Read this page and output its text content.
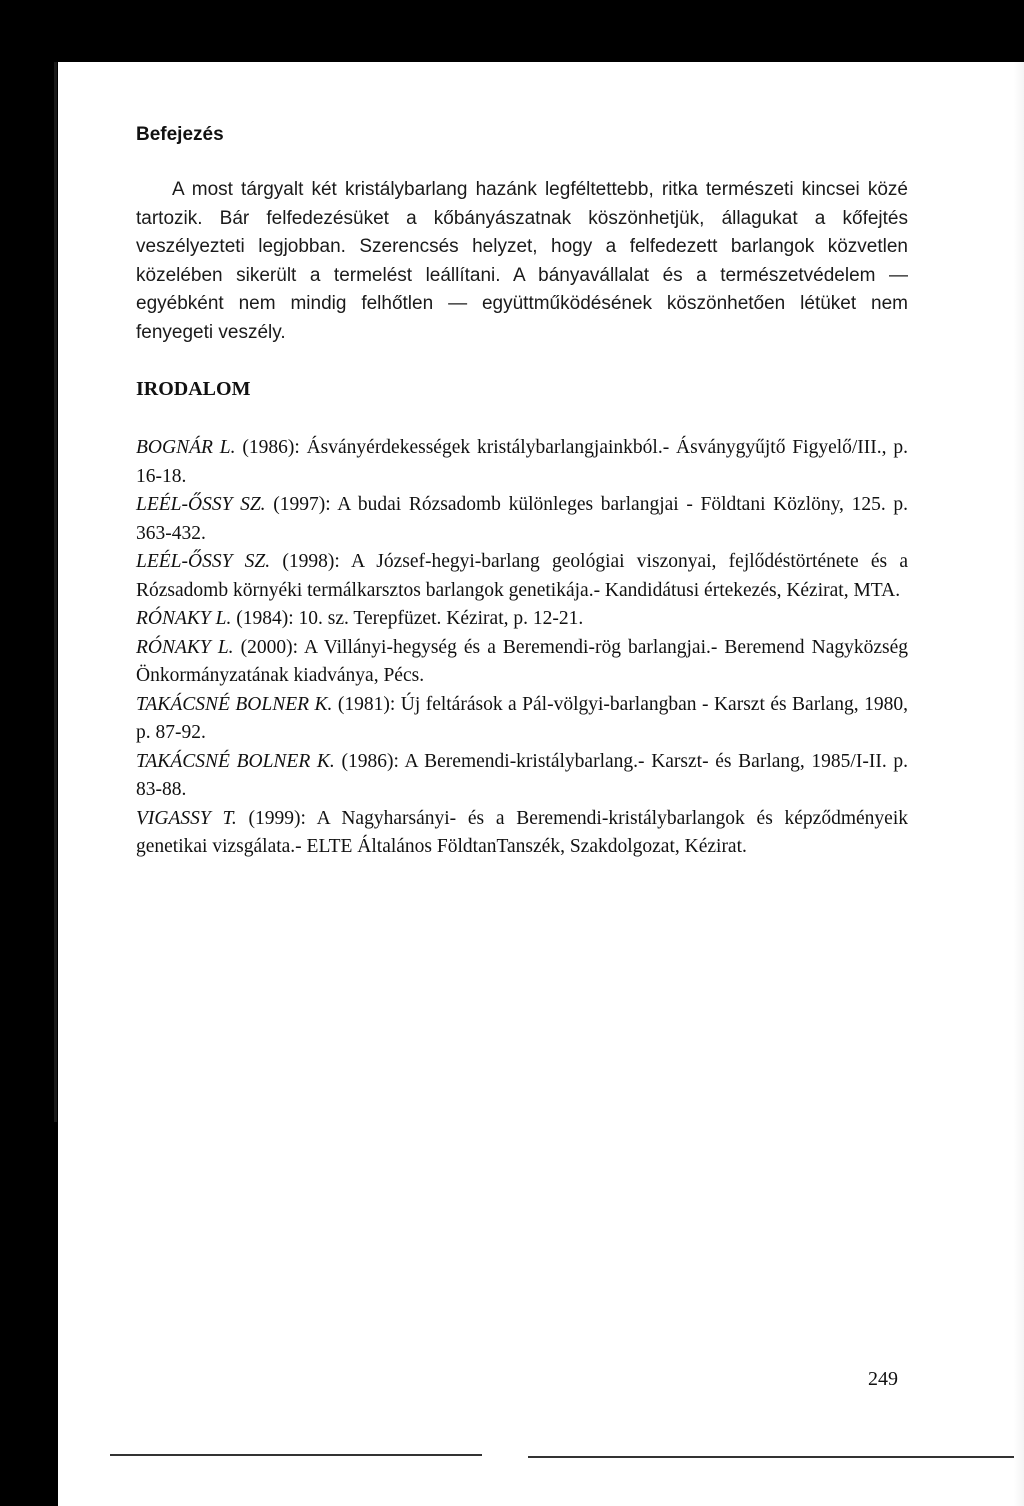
Befejezés

A most tárgyalt két kristálybarlang hazánk legféltettebb, ritka természeti kincsei közé tartozik. Bár felfedezésüket a kőbányászatnak köszönhetjük, állagukat a kőfejtés veszélyezteti legjobban. Szerencsés helyzet, hogy a felfedezett barlangok közvetlen közelében sikerült a termelést leállítani. A bányavállalat és a természetvédelem — egyébként nem mindig felhőtlen — együttműködésének köszönhetően létüket nem fenyegeti veszély.

IRODALOM
BOGNÁR L. (1986): Ásványérdekességek kristálybarlangjainkból.- Ásványgyűjtő Figyelő/III., p. 16-18.
LEÉL-ŐSSY SZ. (1997): A budai Rózsadomb különleges barlangjai - Földtani Közlöny, 125. p. 363-432.
LEÉL-ŐSSY SZ. (1998): A József-hegyi-barlang geológiai viszonyai, fejlődéstörténete és a Rózsadomb környéki termálkarsztos barlangok genetikája.- Kandidátusi értekezés, Kézirat, MTA.
RÓNAKY L. (1984): 10. sz. Terepfüzet. Kézirat, p. 12-21.
RÓNAKY L. (2000): A Villányi-hegység és a Beremendi-rög barlangjai.- Beremend Nagyközség Önkormányzatának kiadványa, Pécs.
TAKÁCSNÉ BOLNER K. (1981): Új feltárások a Pál-völgyi-barlangban - Karszt és Barlang, 1980, p. 87-92.
TAKÁCSNÉ BOLNER K. (1986): A Beremendi-kristálybarlang.- Karszt- és Barlang, 1985/I-II. p. 83-88.
VIGASSY T. (1999): A Nagyharsányi- és a Beremendi-kristálybarlangok és képződményeik genetikai vizsgálata.- ELTE Általános FöldtanTanszék, Szakdolgozat, Kézirat.
249
